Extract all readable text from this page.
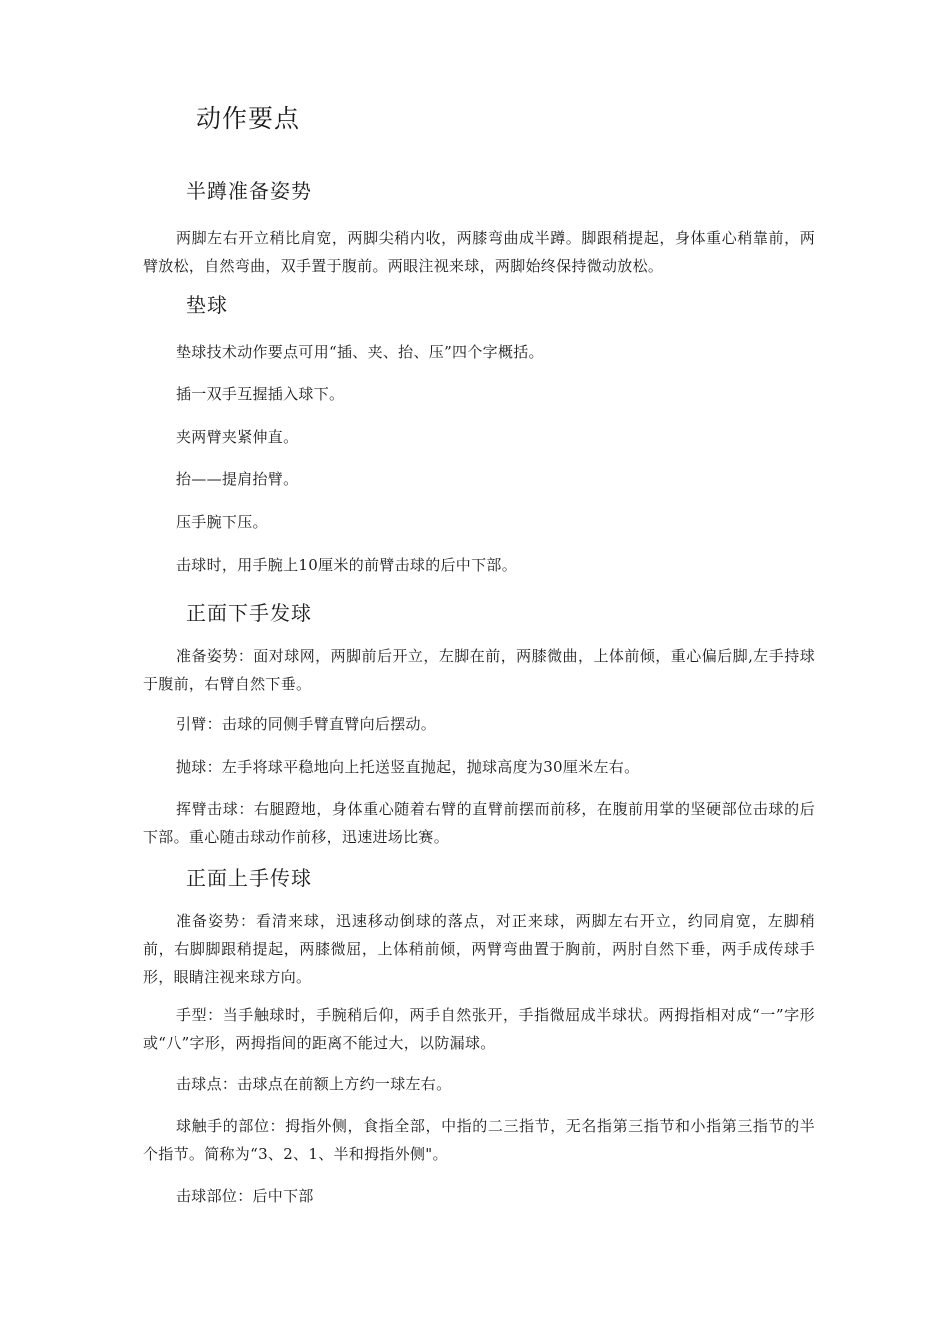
动作要点
半蹲准备姿势

两脚左右开立稍比肩宽，两脚尖稍内收，两膝弯曲成半蹲。脚跟稍提起，身体重心稍靠前，两臂放松，自然弯曲，双手置于腹前。两眼注视来球，两脚始终保持微动放松。

垫球

垫球技术动作要点可用“插、夹、抬、压”四个字概括。

插一双手互握插入球下。

夹两臂夹紧伸直。

抬——提肩抬臂。

压手腕下压。

击球时，用手腕上10厘米的前臂击球的后中下部。

正面下手发球

准备姿势：面对球网，两脚前后开立，左脚在前，两膝微曲，上体前倾，重心偏后脚,左手持球于腹前，右臂自然下垂。

引臂：击球的同侧手臂直臂向后摆动。

抛球：左手将球平稳地向上托送竖直抛起，抛球高度为30厘米左右。

挥臂击球：右腿蹬地，身体重心随着右臂的直臂前摆而前移，在腹前用掌的坚硬部位击球的后下部。重心随击球动作前移，迅速进场比赛。

正面上手传球

准备姿势：看清来球，迅速移动倒球的落点，对正来球，两脚左右开立，约同肩宽，左脚稍前，右脚脚跟稍提起，两膝微屈，上体稍前倾，两臂弯曲置于胸前，两肘自然下垂，两手成传球手形，眼睛注视来球方向。

手型：当手触球时，手腕稍后仰，两手自然张开，手指微屈成半球状。两拇指相对成“一”字形或“八”字形，两拇指间的距离不能过大，以防漏球。

击球点：击球点在前额上方约一球左右。

球触手的部位：拇指外侧，食指全部，中指的二三指节，无名指第三指节和小指第三指节的半个指节。简称为“3、2、1、半和拇指外侧"。

击球部位：后中下部
